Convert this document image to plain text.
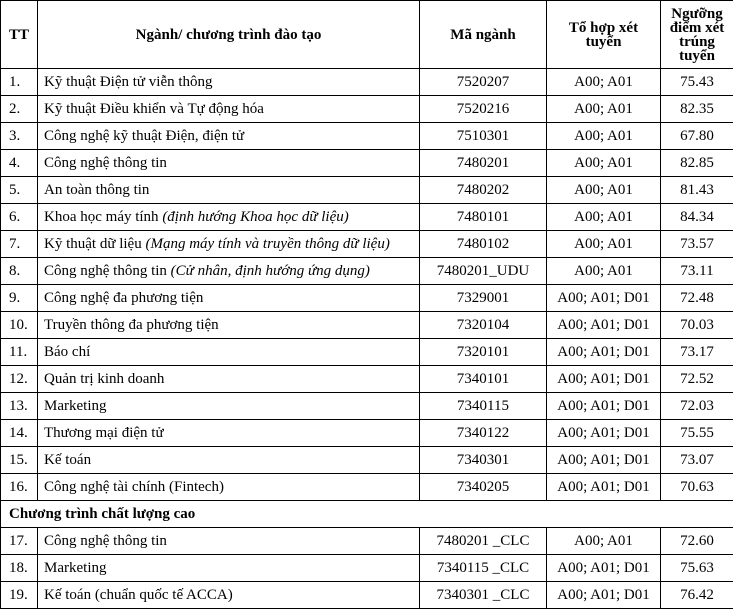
TT	Ngành/ chương trình đào tạo	Mã ngành	Tổ hợp xét tuyển	Ngưỡng điểm xét trúng tuyển
1.	Kỹ thuật Điện tử viễn thông	7520207	A00; A01	75.43
2.	Kỹ thuật Điều khiển và Tự động hóa	7520216	A00; A01	82.35
3.	Công nghệ kỹ thuật Điện, điện tử	7510301	A00; A01	67.80
4.	Công nghệ thông tin	7480201	A00; A01	82.85
5.	An toàn thông tin	7480202	A00; A01	81.43
6.	Khoa học máy tính (định hướng Khoa học dữ liệu)	7480101	A00; A01	84.34
7.	Kỹ thuật dữ liệu (Mạng máy tính và truyền thông dữ liệu)	7480102	A00; A01	73.57
8.	Công nghệ thông tin (Cử nhân, định hướng ứng dụng)	7480201_UDU	A00; A01	73.11
9.	Công nghệ đa phương tiện	7329001	A00; A01; D01	72.48
10.	Truyền thông đa phương tiện	7320104	A00; A01; D01	70.03
11.	Báo chí	7320101	A00; A01; D01	73.17
12.	Quản trị kinh doanh	7340101	A00; A01; D01	72.52
13.	Marketing	7340115	A00; A01; D01	72.03
14.	Thương mại điện tử	7340122	A00; A01; D01	75.55
15.	Kế toán	7340301	A00; A01; D01	73.07
16.	Công nghệ tài chính (Fintech)	7340205	A00; A01; D01	70.63
Chương trình chất lượng cao				
17.	Công nghệ thông tin	7480201 _CLC	A00; A01	72.60
18.	Marketing	7340115 _CLC	A00; A01; D01	75.63
19.	Kế toán (chuẩn quốc tế ACCA)	7340301 _CLC	A00; A01; D01	76.42
